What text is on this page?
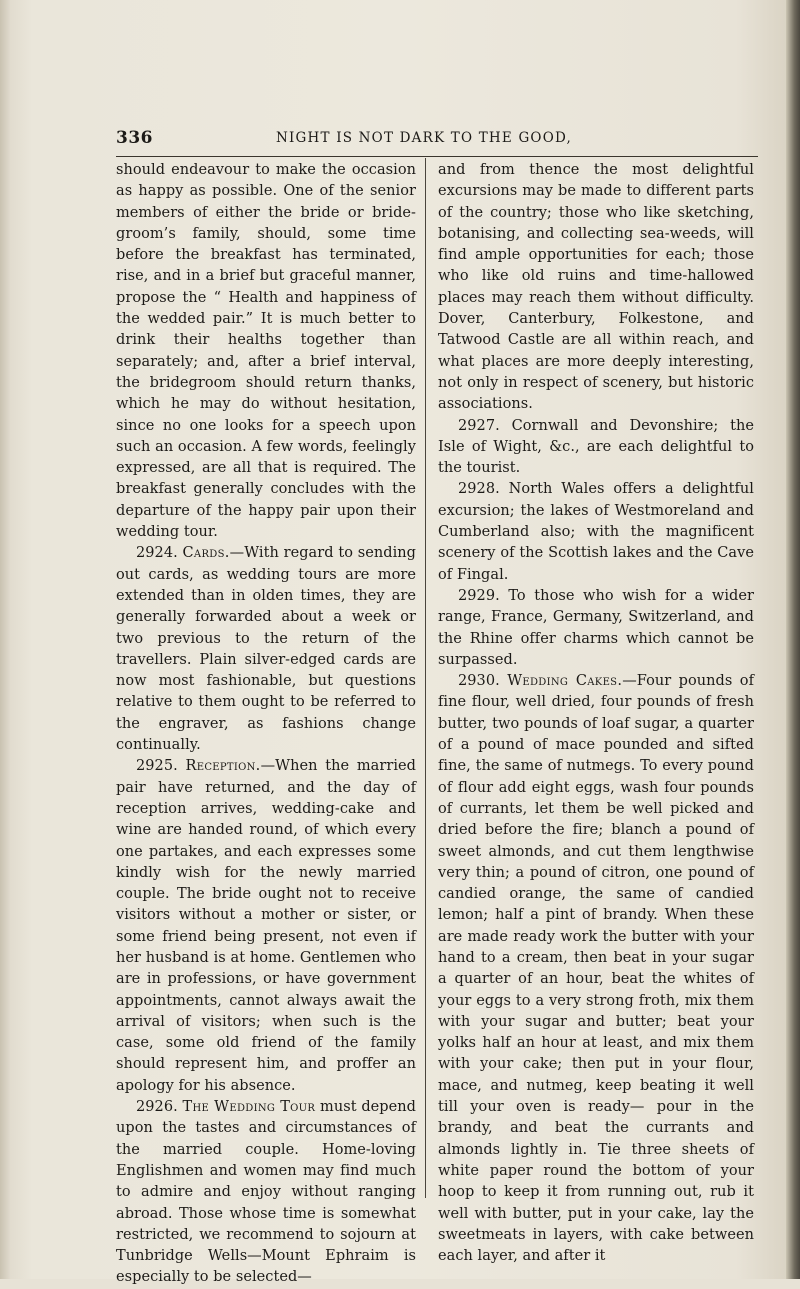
336	NIGHT IS NOT DARK TO THE GOOD,

should endeavour to make the occasion as happy as possible. One of the senior members of either the bride or bride-groom’s family, should, some time before the breakfast has terminated, rise, and in a brief but graceful manner, propose the “ Health and happiness of the wedded pair.” It is much better to drink their healths together than separately; and, after a brief interval, the bridegroom should return thanks, which he may do without hesitation, since no one looks for a speech upon such an occasion. A few words, feelingly expressed, are all that is required. The breakfast generally concludes with the departure of the happy pair upon their wedding tour.

2924. Cards.—With regard to sending out cards, as wedding tours are more extended than in olden times, they are generally forwarded about a week or two previous to the return of the travellers. Plain silver-edged cards are now most fashionable, but questions relative to them ought to be referred to the engraver, as fashions change continually.

2925. Reception.—When the married pair have returned, and the day of reception arrives, wedding-cake and wine are handed round, of which every one partakes, and each expresses some kindly wish for the newly married couple. The bride ought not to receive visitors without a mother or sister, or some friend being present, not even if her husband is at home. Gentlemen who are in professions, or have government appointments, cannot always await the arrival of visitors; when such is the case, some old friend of the family should represent him, and proffer an apology for his absence.

2926. The Wedding Tour must depend upon the tastes and circumstances of the married couple. Home-loving Englishmen and women may find much to admire and enjoy without ranging abroad. Those whose time is somewhat restricted, we recommend to sojourn at Tunbridge Wells—Mount Ephraim is especially to be selected—

and from thence the most delightful excursions may be made to different parts of the country; those who like sketching, botanising, and collecting sea-weeds, will find ample opportunities for each; those who like old ruins and time-hallowed places may reach them without difficulty. Dover, Canterbury, Folkestone, and Tatwood Castle are all within reach, and what places are more deeply interesting, not only in respect of scenery, but historic associations.

2927. Cornwall and Devonshire; the Isle of Wight, &c., are each delightful to the tourist.

2928. North Wales offers a delightful excursion; the lakes of Westmoreland and Cumberland also; with the magnificent scenery of the Scottish lakes and the Cave of Fingal.

2929. To those who wish for a wider range, France, Germany, Switzerland, and the Rhine offer charms which cannot be surpassed.

2930. Wedding Cakes.—Four pounds of fine flour, well dried, four pounds of fresh butter, two pounds of loaf sugar, a quarter of a pound of mace pounded and sifted fine, the same of nutmegs. To every pound of flour add eight eggs, wash four pounds of currants, let them be well picked and dried before the fire; blanch a pound of sweet almonds, and cut them lengthwise very thin; a pound of citron, one pound of candied orange, the same of candied lemon; half a pint of brandy. When these are made ready work the butter with your hand to a cream, then beat in your sugar a quarter of an hour, beat the whites of your eggs to a very strong froth, mix them with your sugar and butter; beat your yolks half an hour at least, and mix them with your cake; then put in your flour, mace, and nutmeg, keep beating it well till your oven is ready— pour in the brandy, and beat the currants and almonds lightly in. Tie three sheets of white paper round the bottom of your hoop to keep it from running out, rub it well with butter, put in your cake, lay the sweetmeats in layers, with cake between each layer, and after it
